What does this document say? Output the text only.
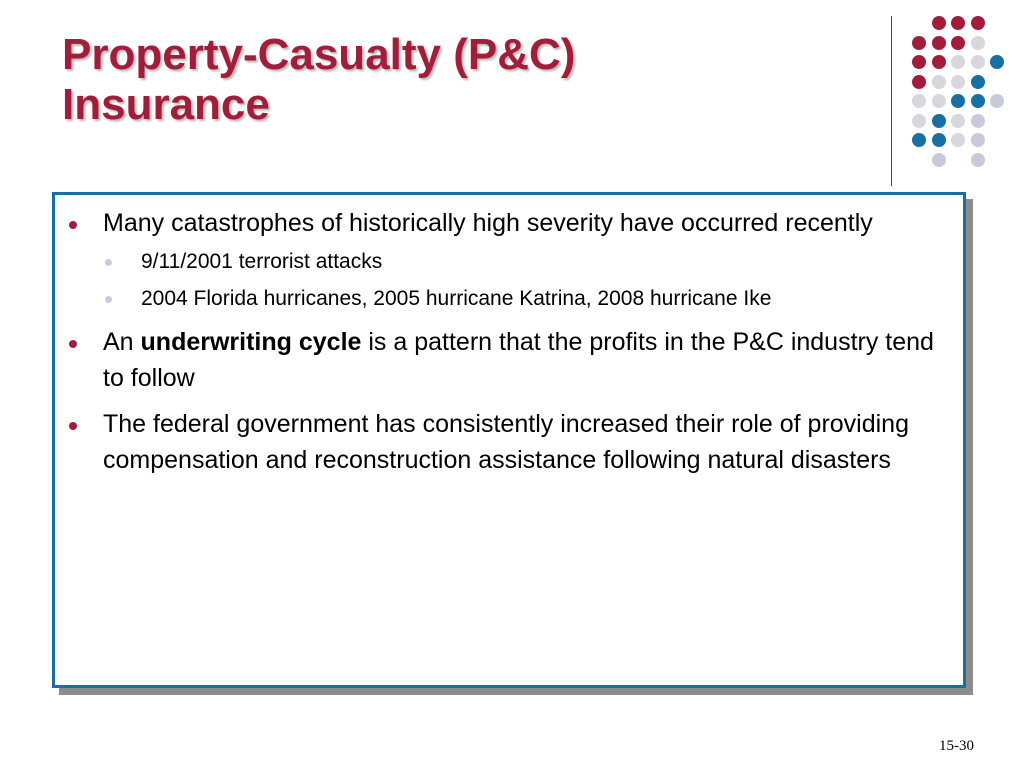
Property-Casualty (P&C)
Insurance
Many catastrophes of historically high severity have occurred recently
9/11/2001 terrorist attacks
2004 Florida hurricanes, 2005 hurricane Katrina, 2008 hurricane Ike
An underwriting cycle is a pattern that the profits in the P&C industry tend to follow
The federal government has consistently increased their role of providing compensation and reconstruction assistance following natural disasters
15-30
